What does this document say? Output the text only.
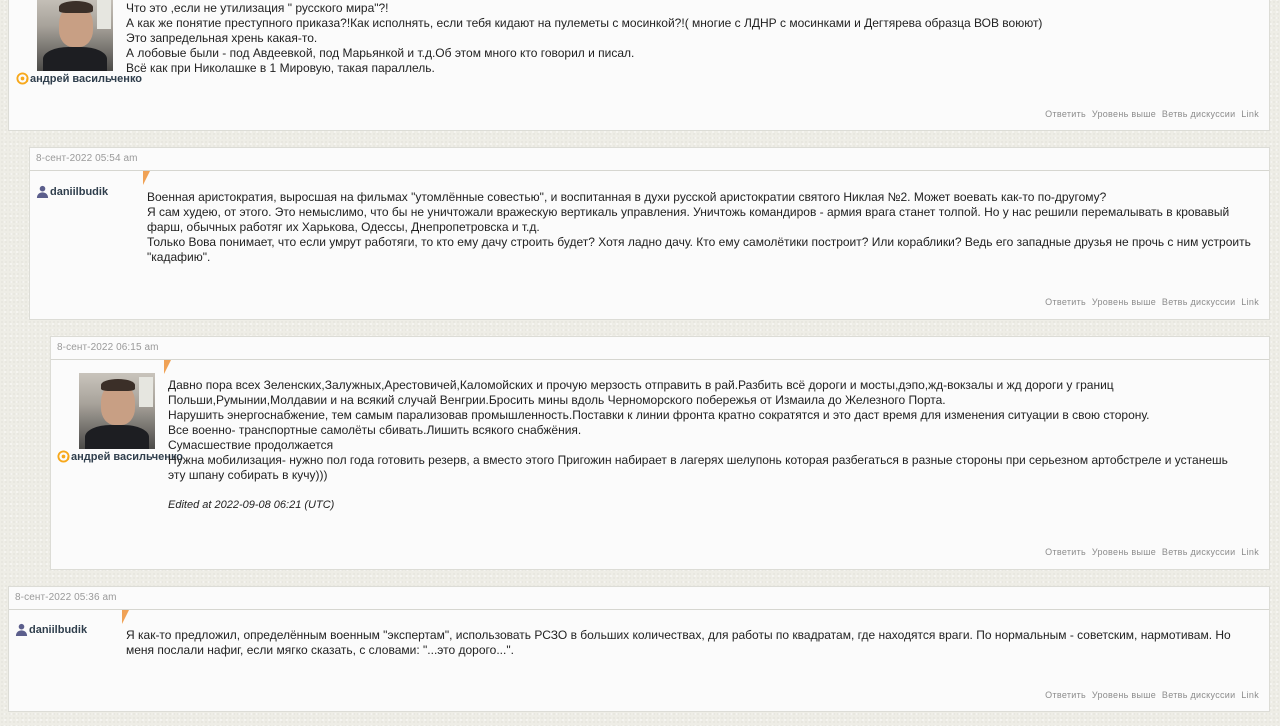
андрей васильченко

Что это ,если не утилизация " русского мира"?!

А как же понятие преступного приказа?!Как исполнять, если тебя кидают на пулеметы с мосинкой?!( многие с ЛДНР с мосинками и Дегтярева образца ВОВ воюют)

Это запредельная хрень какая-то.

А лобовые были - под Авдеевкой, под Марьянкой и т.д.Об этом много кто говорил и писал.

Всё как при Николашке в 1 Мировую, такая параллель.

Ответить Уровень выше Ветвь дискуссии Link
8-сент-2022 05:54 am
daniilbudik	Военная аристократия, выросшая на фильмах "утомлённые совестью", и воспитанная в духи русской аристократии святого Никлая №2. Может воевать как-то по-другому?

Я сам худею, от этого. Это немыслимо, что бы не уничтожали вражескую вертикаль управления. Уничтожь командиров - армия врага станет толпой. Но у нас решили перемалывать в кровавый фарш, обычных работяг их Харькова, Одессы, Днепропетровска и т.д.

Только Вова понимает, что если умрут работяги, то кто ему дачу строить будет? Хотя ладно дачу. Кто ему самолётики построит? Или кораблики? Ведь его западные друзья не прочь с ним устроить "кадафию".

Ответить Уровень выше Ветвь дискуссии Link
8-сент-2022 06:15 am
андрей васильченко

Давно пора всех Зеленских,Залужных,Арестовичей,Каломойских и прочую мерзость отправить в рай.Разбить всё дороги и мосты,дэпо,жд-вокзалы и жд дороги у границ Польши,Румынии,Молдавии и на всякий случай Венгрии.Бросить мины вдоль Черноморского побережья от Измаила до Железного Порта.

Нарушить энергоснабжение, тем самым парализовав промышленность.Поставки к линии фронта кратно сократятся и это даст время для изменения ситуации в свою сторону.

Все военно- транспортные самолёты сбивать.Лишить всякого снабжёния.

Сумасшествие продолжается

Нужна мобилизация- нужно пол года готовить резерв, а вместо этого Пригожин набирает в лагерях шелупонь которая разбегаться в разные стороны при серьезном артобстреле и устанешь эту шпану собирать в кучу)))

Edited at 2022-09-08 06:21 (UTC)

Ответить Уровень выше Ветвь дискуссии Link
8-сент-2022 05:36 am
daniilbudik	Я как-то предложил, определённым военным "экспертам", использовать РСЗО в больших количествах, для работы по квадратам, где находятся враги. По нормальным - советским, нармотивам. Но меня послали нафиг, если мягко сказать, с словами: "...это дорого...".

Ответить Уровень выше Ветвь дискуссии Link
